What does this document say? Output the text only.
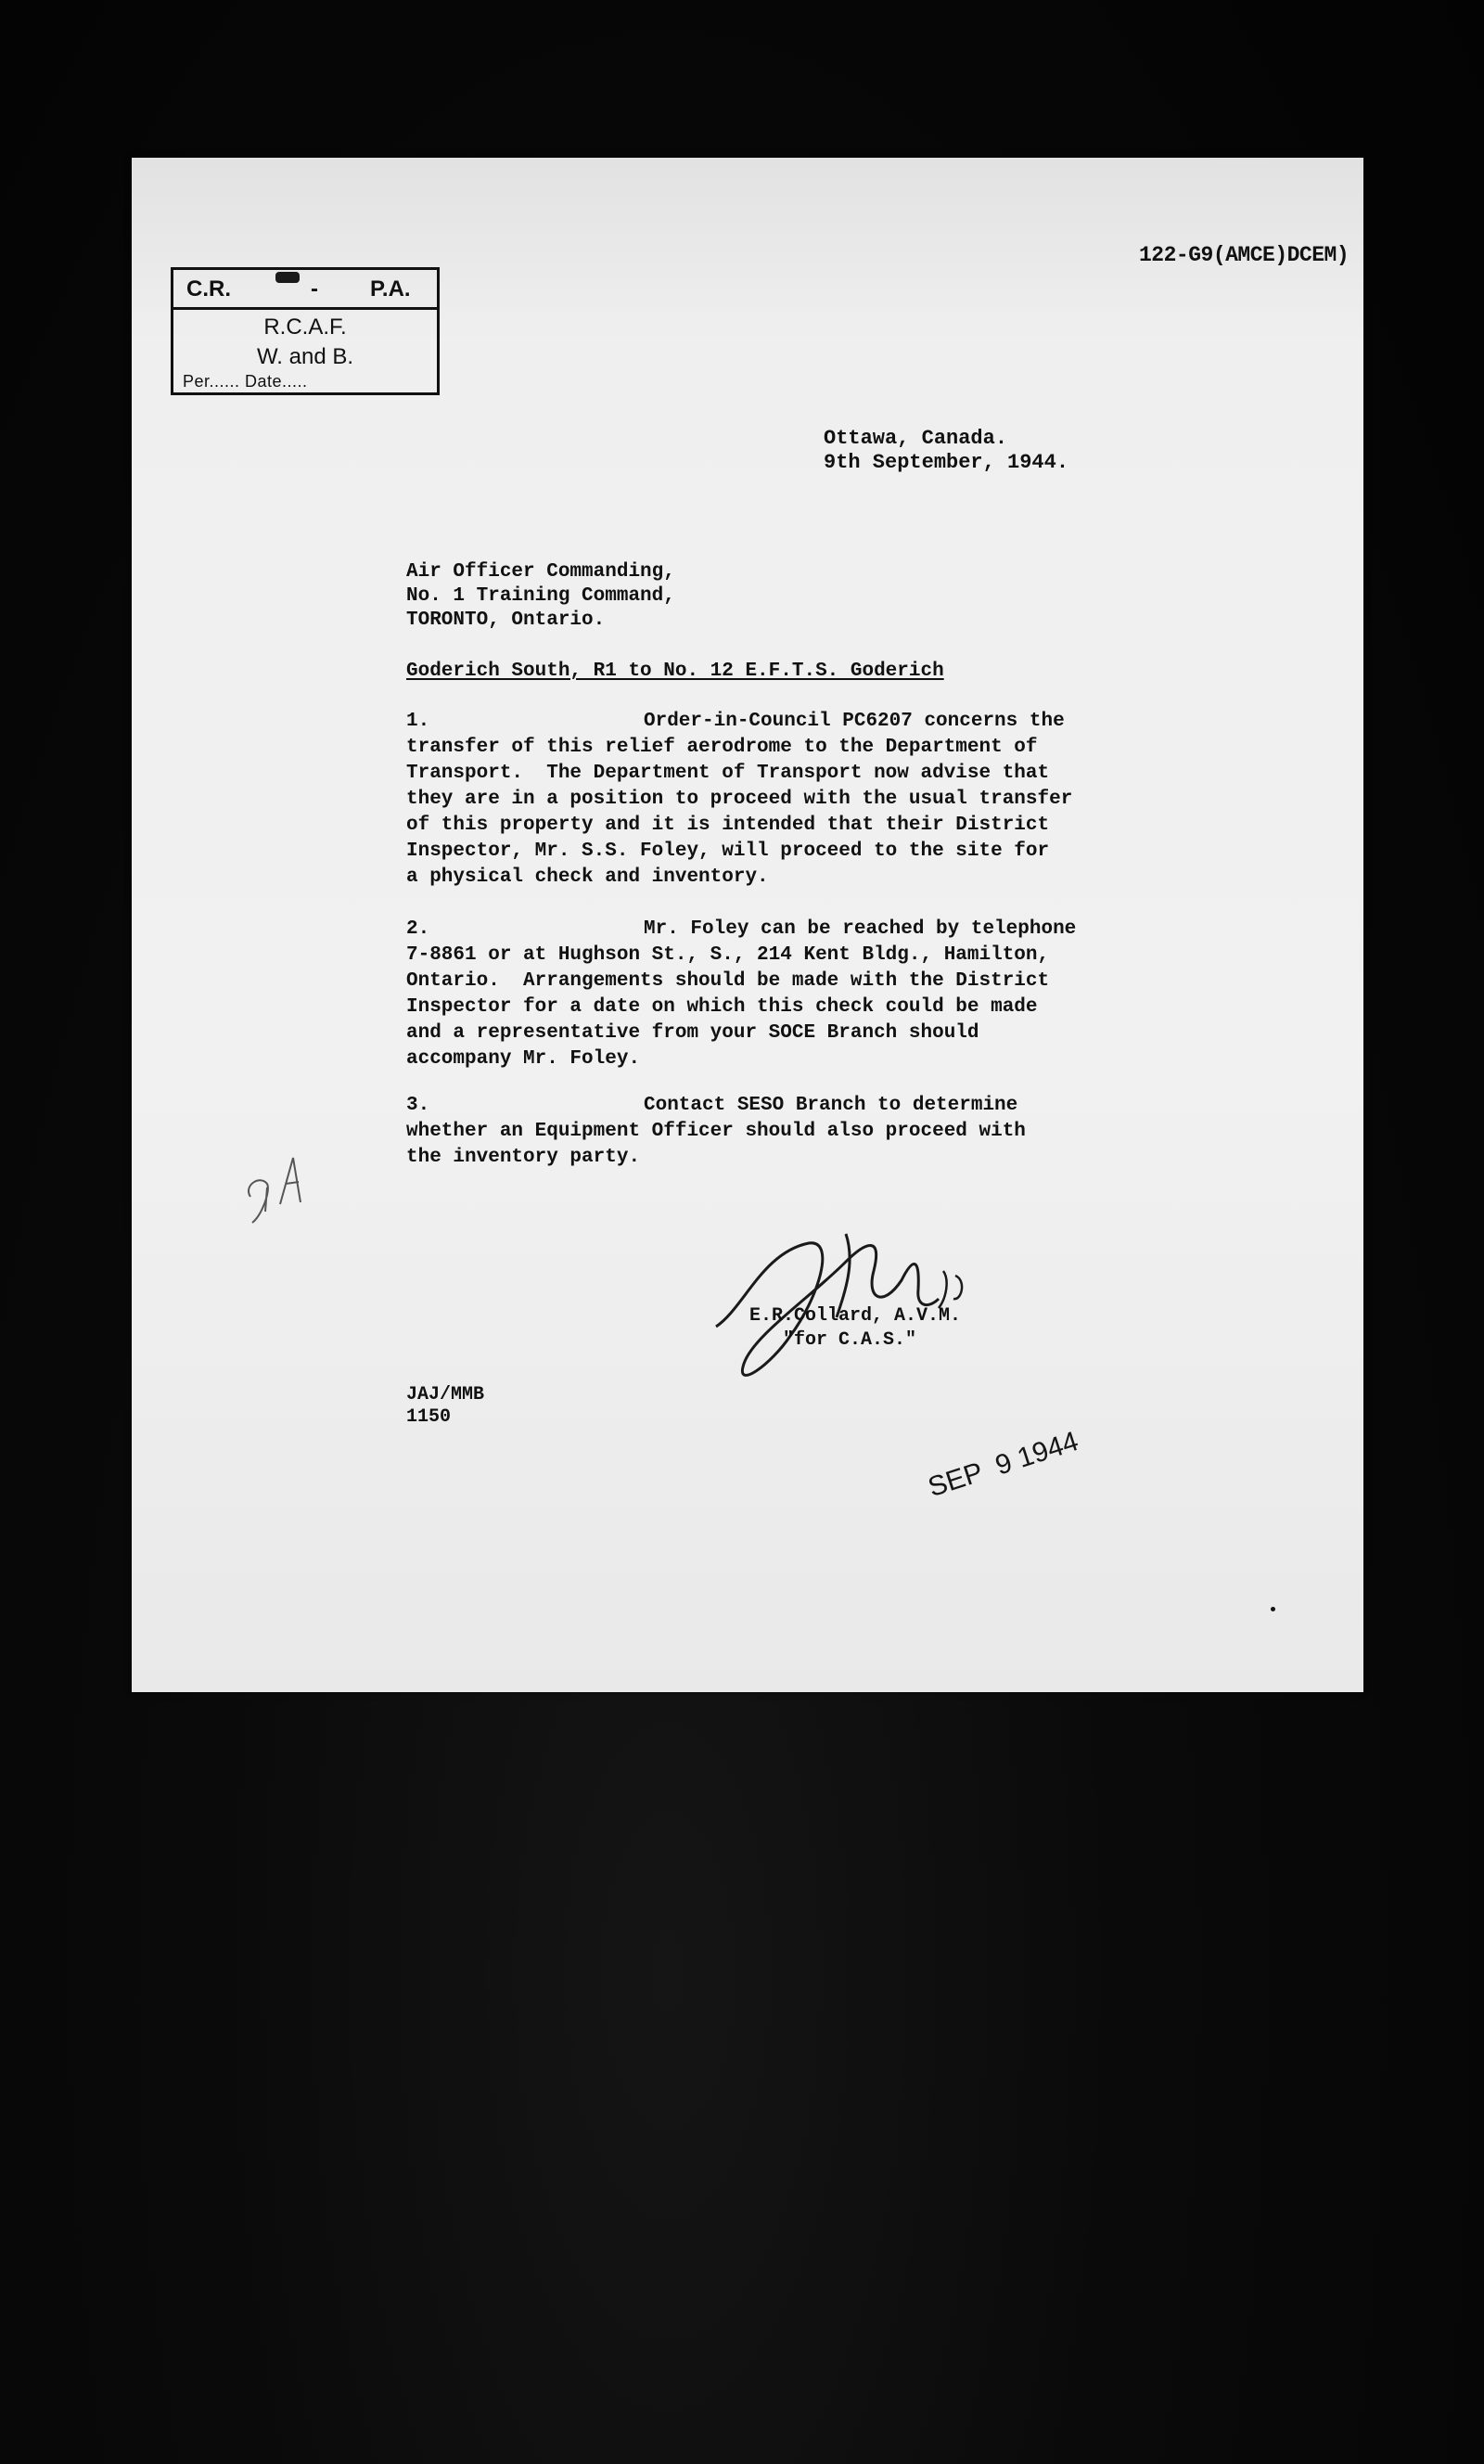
122-G9(AMCE)DCEM)
C.R.	- P.A.
R.C.A.F.
W. and B.
Per...... Date.....
Ottawa, Canada.
9th September, 1944.
Air Officer Commanding,
No. 1 Training Command,
TORONTO, Ontario.
Goderich South, R1 to No. 12 E.F.T.S. Goderich
1.	Order-in-Council PC6207 concerns the
transfer of this relief aerodrome to the Department of
Transport.  The Department of Transport now advise that
they are in a position to proceed with the usual transfer
of this property and it is intended that their District
Inspector, Mr. S.S. Foley, will proceed to the site for
a physical check and inventory.
2.	Mr. Foley can be reached by telephone
7-8861 or at Hughson St., S., 214 Kent Bldg., Hamilton,
Ontario.  Arrangements should be made with the District
Inspector for a date on which this check could be made
and a representative from your SOCE Branch should
accompany Mr. Foley.
3.	Contact SESO Branch to determine
whether an Equipment Officer should also proceed with
the inventory party.
E.R.Collard, A.V.M.
"for C.A.S."
JAJ/MMB
1150
SEP  9 1944
